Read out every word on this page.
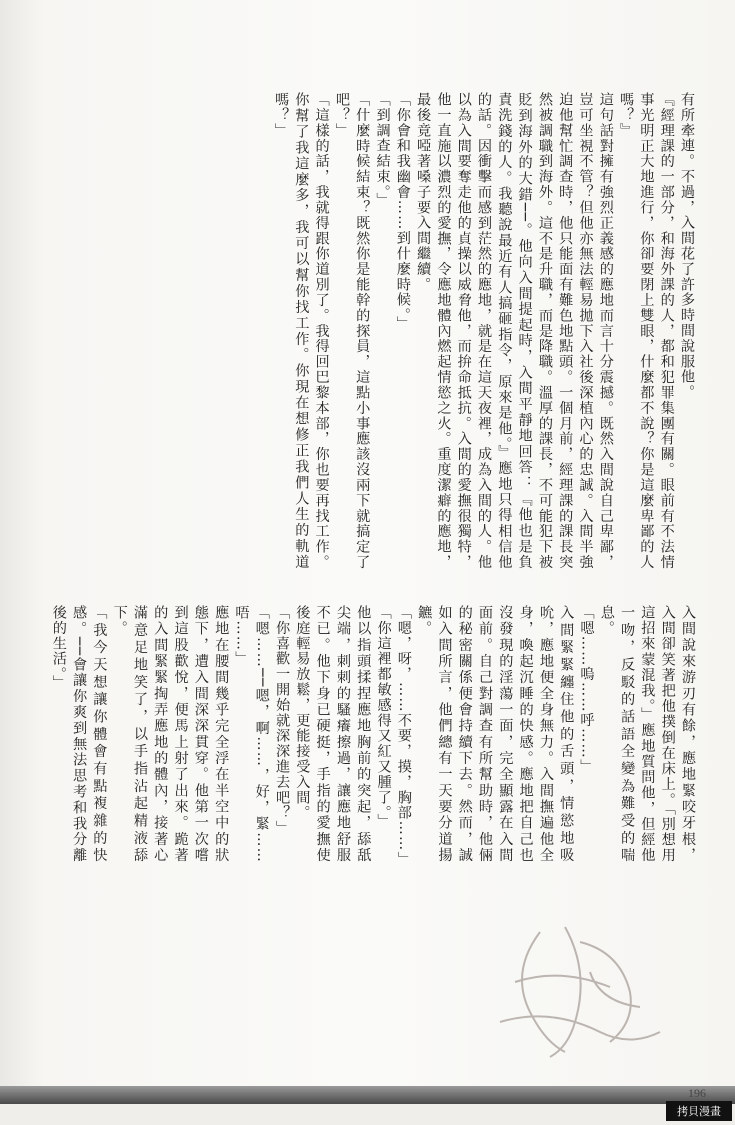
有所牽連。不過，入間花了許多時間說服他。

『經理課的一部分，和海外課的人，都和犯罪集團有關。眼前有不法情事光明正大地進行，你卻要閉上雙眼，什麼都不說？你是這麼卑鄙的人嗎？』

這句話對擁有強烈正義感的應地而言十分震撼。既然入間說自己卑鄙，豈可坐視不管？但他亦無法輕易拋下入社後深植內心的忠誠。入間半強迫他幫忙調查時，他只能面有難色地點頭。一個月前，經理課的課長突然被調職到海外。這不是升職，而是降職。溫厚的課長，不可能犯下被貶到海外的大錯──。他向入間提起時，入間平靜地回答：『他也是負責洗錢的人。我聽說最近有人搞砸指令，原來是他。』應地只得相信他的話。因衝擊而感到茫然的應地，就是在這天夜裡，成為入間的人。他以為入間要奪走他的貞操以威脅他，而拚命抵抗。入間的愛撫很獨特，他一直施以濃烈的愛撫，令應地體內燃起情慾之火。重度潔癖的應地，最後竟啞著嗓子要入間繼續。

「你會和我幽會……到什麼時候。」

「到調查結束。」

「什麼時候結束？既然你是能幹的探員，這點小事應該沒兩下就搞定了吧？」

「這樣的話，我就得跟你道別了。我得回巴黎本部，你也要再找工作。你幫了我這麼多，我可以幫你找工作。你現在想修正我們人生的軌道嗎？」

入間說來游刃有餘，應地緊咬牙根，入間卻笑著把他撲倒在床上。「別想用這招來蒙混我。」應地質問他，但經他一吻，反駁的話語全變為難受的喘息。

「嗯……嗚……呼……」

入間緊緊纏住他的舌頭，情慾地吸吮，應地便全身無力。入間撫遍他全身，喚起沉睡的快感。應地把自己也沒發現的淫蕩一面，完全顯露在入間面前。自己對調查有所幫助時，他倆的秘密關係便會持續下去。然而，誠如入間所言，他們總有一天要分道揚鑣。

「嗯，呀，……不要，摸，胸部……」

「你這裡都敏感得又紅又腫了。」

他以指頭揉捏應地胸前的突起，舔舐尖端，刺刺的騷癢擦過，讓應地舒服不已。他下身已硬挺，手指的愛撫使後庭輕易放鬆，更能接受入間。

「你喜歡一開始就深深進去吧？」

「嗯……──嗯，啊……，好，緊……唔……」

應地在腰間幾乎完全浮在半空中的狀態下，遭入間深深貫穿。他第一次嚐到這股歡悅，便馬上射了出來。跪著的入間緊緊掏弄應地的體內，接著心滿意足地笑了，以手指沾起精液舔下。

「我今天想讓你體會有點複雜的快感。──會讓你爽到無法思考和我分離後的生活。」

196
拷貝漫畫
